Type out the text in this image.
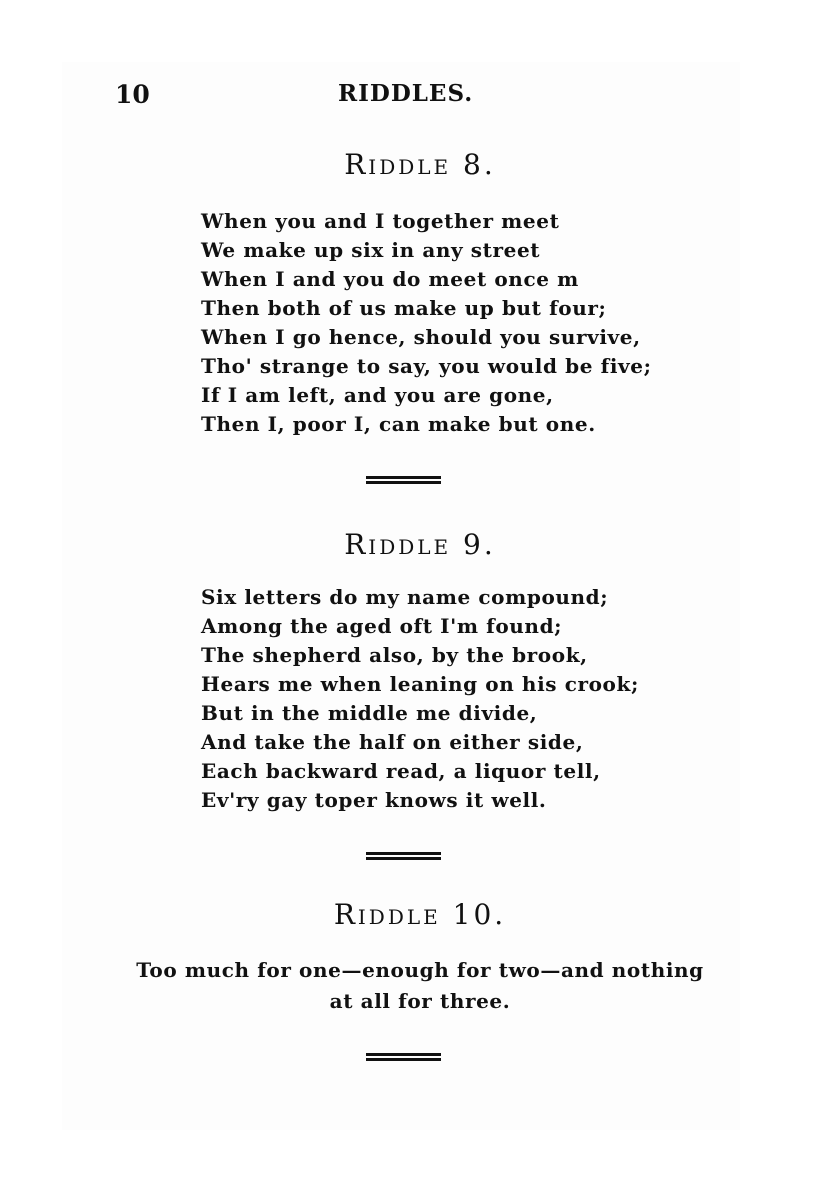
10	RIDDLES.
Riddle 8.
When you and I together meet
We make up six in any street
When I and you do meet once m
Then both of us make up but four;
When I go hence, should you survive,
Tho' strange to say, you would be five;
If I am left, and you are gone,
Then I, poor I, can make but one.
Riddle 9.
Six letters do my name compound;
Among the aged oft I'm found;
The shepherd also, by the brook,
Hears me when leaning on his crook;
But in the middle me divide,
And take the half on either side,
Each backward read, a liquor tell,
Ev'ry gay toper knows it well.
Riddle 10.
Too much for one—enough for two—and nothing
at all for three.
